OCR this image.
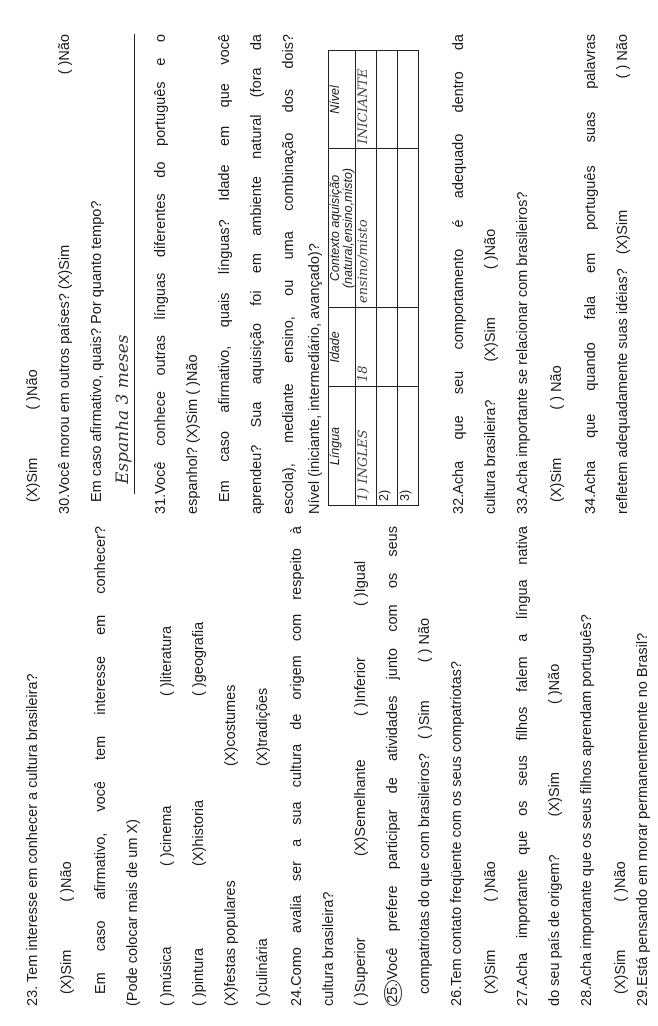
23. Tem interesse em conhecer a cultura brasileira? (X)Sim  ( )Não Em caso afirmativo, você tem interesse em conhecer? (Pode colocar mais de um X) ( )música
( )cinema
( )literatura
( )pintura
(X)historia
( )geografia
(X)festas populares
(X)costumes
( )culinária
(X)tradições 24.Como avalia ser a sua cultura de origem com respeito à cultura brasileira? ( )Superior
(X)Semelhante
( )Inferior
( )Igual
25.Você prefere participar de atividades junto com os seus compatriotas do que com brasileiros?  ( )Sim  ( ) Não
26.Tem contato freqüente com os seus compatriotas? (X)Sim  ( )Não 27.Acha importante que os seus filhos falem a língua nativa do seu país de origem?  (X)Sim  ( )Não 28.Acha importante que os seus filhos aprendam português? (X)Sim  ( )Não 29.Está pensando em morar permanentemente no Brasil?
(X)Sim  ( )Não 30.Você morou em outros países? (X)Sim
( )Não
Em caso afirmativo, quais? Por quanto tempo? Espanha 3 meses 31.Você conhece outras línguas diferentes do português e o espanhol? (X)Sim ( )Não Em caso afirmativo, quais línguas? Idade em que você aprendeu? Sua aquisição foi em ambiente natural (fora da escola), mediante ensino, ou uma combinação dos dois? Nível (iniciante, intermediário, avançado)? Língua	Idade	Contexto aquisição (natural,ensino,misto)	Nível
1) INGLES	18	ensino/misto	INICIANTE
2)			
3)				32.Acha que seu comportamento é adequado dentro da cultura brasileira?  (X)Sim  ( )Não 33.Acha importante se relacionar com brasileiros? (X)Sim  ( ) Não 34.Acha que quando fala em português suas palavras refletem adequadamente suas idéias?  (X)Sim
( ) Não
